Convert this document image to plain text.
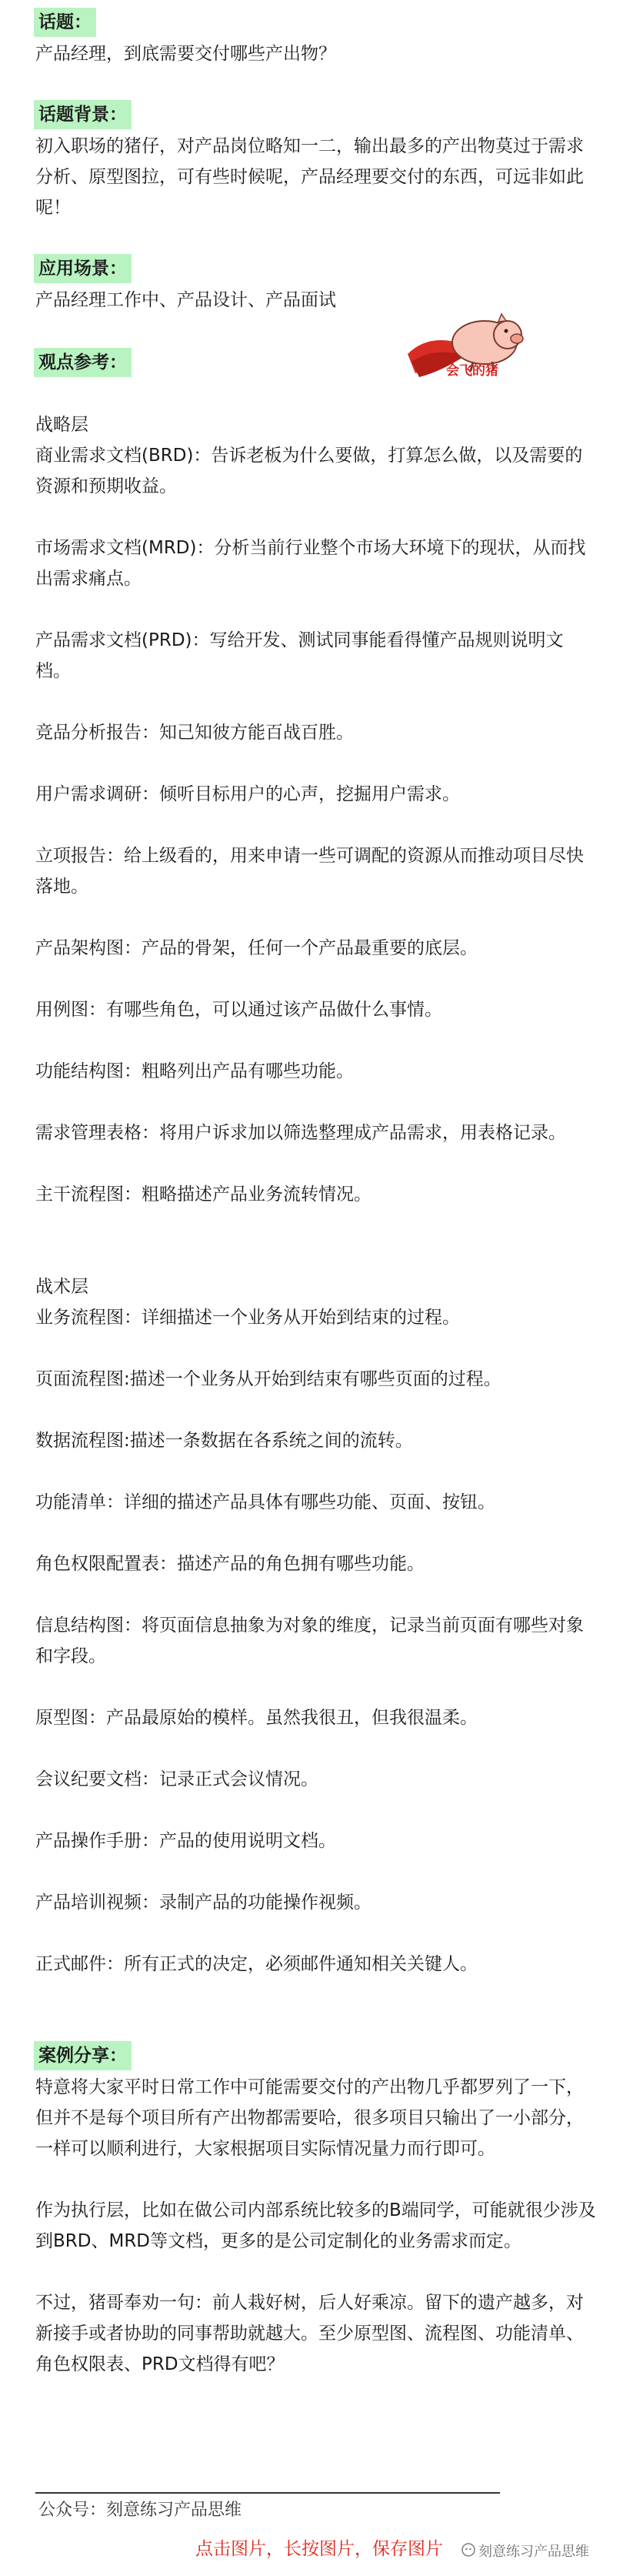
话题：

产品经理，到底需要交付哪些产出物？

话题背景：

初入职场的猪仔，对产品岗位略知一二，输出最多的产出物莫过于需求

分析、原型图拉，可有些时候呢，产品经理要交付的东西，可远非如此

呢！

应用场景：

产品经理工作中、产品设计、产品面试

会飞的猪
观点参考：

战略层

商业需求文档(BRD)：告诉老板为什么要做，打算怎么做，以及需要的

资源和预期收益。

市场需求文档(MRD)：分析当前行业整个市场大环境下的现状，从而找

出需求痛点。

产品需求文档(PRD)：写给开发、测试同事能看得懂产品规则说明文

档。

竞品分析报告：知己知彼方能百战百胜。

用户需求调研：倾听目标用户的心声，挖掘用户需求。

立项报告：给上级看的，用来申请一些可调配的资源从而推动项目尽快

落地。

产品架构图：产品的骨架，任何一个产品最重要的底层。

用例图：有哪些角色，可以通过该产品做什么事情。

功能结构图：粗略列出产品有哪些功能。

需求管理表格：将用户诉求加以筛选整理成产品需求，用表格记录。

主干流程图：粗略描述产品业务流转情况。

战术层

业务流程图：详细描述一个业务从开始到结束的过程。

页面流程图:描述一个业务从开始到结束有哪些页面的过程。

数据流程图:描述一条数据在各系统之间的流转。

功能清单：详细的描述产品具体有哪些功能、页面、按钮。

角色权限配置表：描述产品的角色拥有哪些功能。

信息结构图：将页面信息抽象为对象的维度，记录当前页面有哪些对象

和字段。

原型图：产品最原始的模样。虽然我很丑，但我很温柔。

会议纪要文档：记录正式会议情况。

产品操作手册：产品的使用说明文档。

产品培训视频：录制产品的功能操作视频。

正式邮件：所有正式的决定，必须邮件通知相关关键人。

案例分享：

特意将大家平时日常工作中可能需要交付的产出物几乎都罗列了一下，

但并不是每个项目所有产出物都需要哈，很多项目只输出了一小部分，

一样可以顺利进行，大家根据项目实际情况量力而行即可。

作为执行层，比如在做公司内部系统比较多的B端同学，可能就很少涉及

到BRD、MRD等文档，更多的是公司定制化的业务需求而定。

不过，猪哥奉劝一句：前人栽好树，后人好乘凉。留下的遗产越多，对

新接手或者协助的同事帮助就越大。至少原型图、流程图、功能清单、

角色权限表、PRD文档得有吧？

公众号：刻意练习产品思维
点击图片，长按图片，保存图片	刻意练习产品思维
